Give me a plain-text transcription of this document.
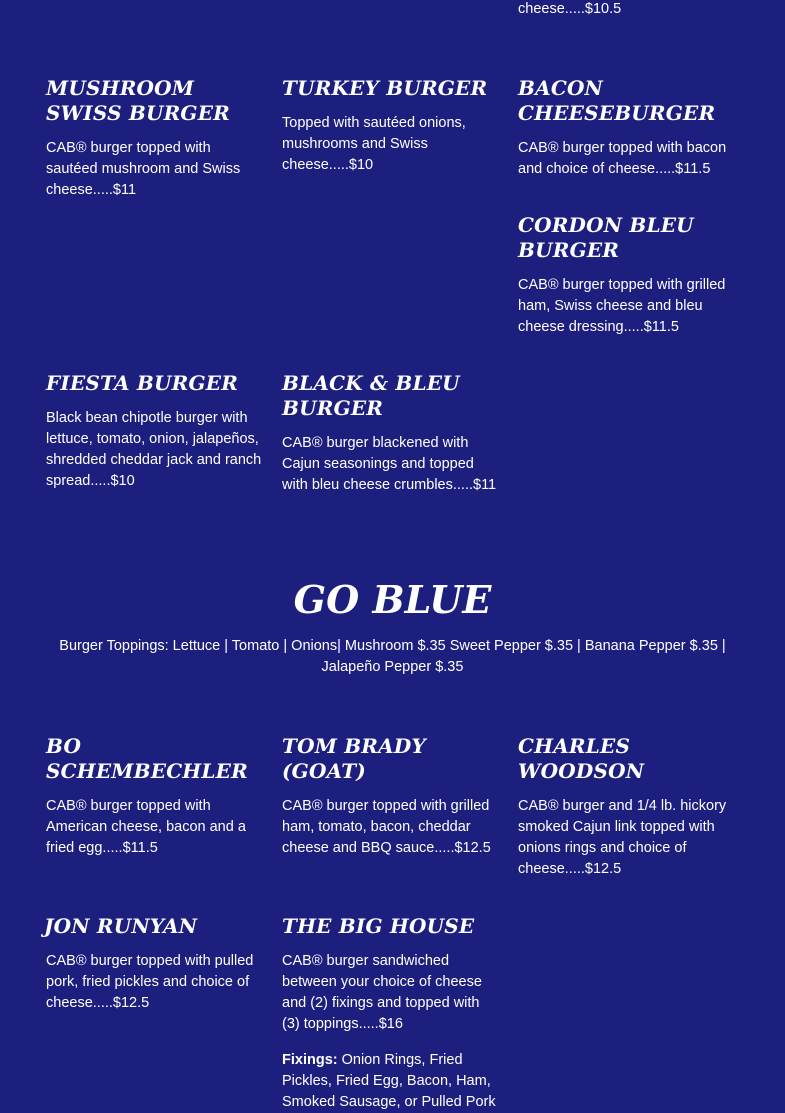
cheese.....$10.5

MUSHROOM SWISS BURGER

CAB® burger topped with sautéed mushroom and Swiss cheese.....$11

TURKEY BURGER

Topped with sautéed onions, mushrooms and Swiss cheese.....$10

BACON CHEESEBURGER

CAB® burger topped with bacon and choice of cheese.....$11.5

CORDON BLEU BURGER

CAB® burger topped with grilled ham, Swiss cheese and bleu cheese dressing.....$11.5

FIESTA BURGER

Black bean chipotle burger with lettuce, tomato, onion, jalapeños, shredded cheddar jack and ranch spread.....$10

BLACK & BLEU BURGER

CAB® burger blackened with Cajun seasonings and topped with bleu cheese crumbles.....$11

GO BLUE

Burger Toppings: Lettuce | Tomato | Onions| Mushroom $.35 Sweet Pepper $.35 | Banana Pepper $.35 | Jalapeño Pepper $.35

BO SCHEMBECHLER

CAB® burger topped with American cheese, bacon and a fried egg.....$11.5

TOM BRADY (GOAT)

CAB® burger topped with grilled ham, tomato, bacon, cheddar cheese and BBQ sauce.....$12.5

CHARLES WOODSON

CAB® burger and 1/4 lb. hickory smoked Cajun link topped with onions rings and choice of cheese.....$12.5

JON RUNYAN

CAB® burger topped with pulled pork, fried pickles and choice of cheese.....$12.5

THE BIG HOUSE

CAB® burger sandwiched between your choice of cheese and (2) fixings and topped with (3) toppings.....$16

Fixings: Onion Rings, Fried Pickles, Fried Egg, Bacon, Ham, Smoked Sausage, or Pulled Pork
